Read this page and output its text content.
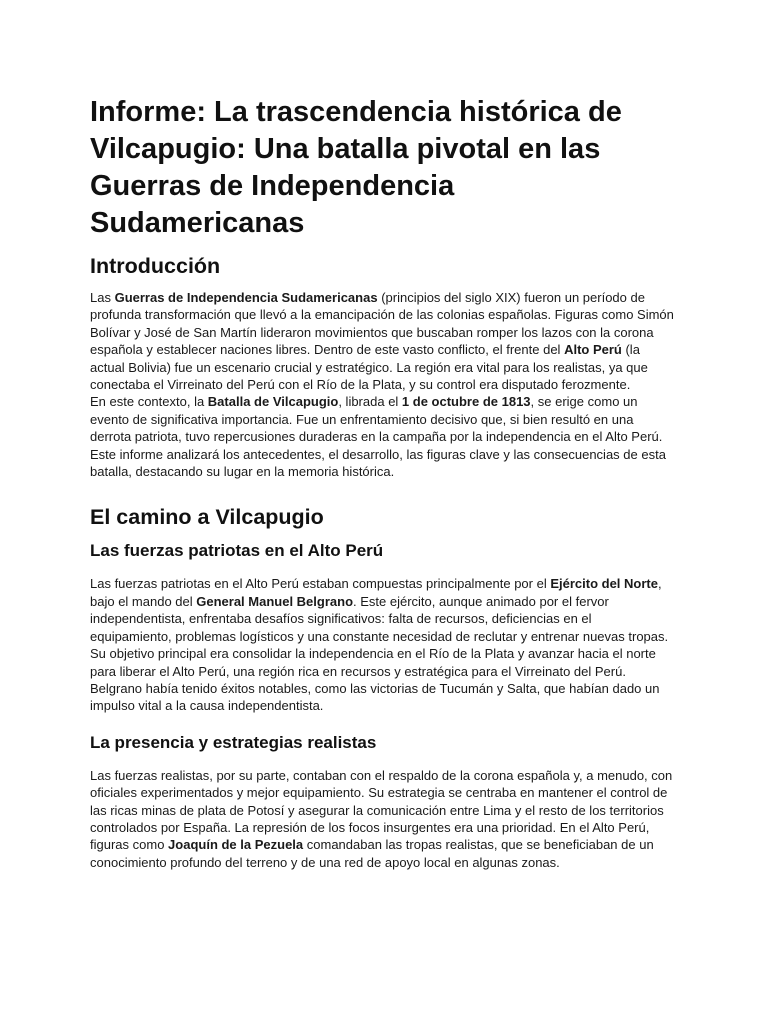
Informe: La trascendencia histórica de Vilcapugio: Una batalla pivotal en las Guerras de Independencia Sudamericanas
Introducción

Las Guerras de Independencia Sudamericanas (principios del siglo XIX) fueron un período de profunda transformación que llevó a la emancipación de las colonias españolas. Figuras como Simón Bolívar y José de San Martín lideraron movimientos que buscaban romper los lazos con la corona española y establecer naciones libres. Dentro de este vasto conflicto, el frente del Alto Perú (la actual Bolivia) fue un escenario crucial y estratégico. La región era vital para los realistas, ya que conectaba el Virreinato del Perú con el Río de la Plata, y su control era disputado ferozmente.

En este contexto, la Batalla de Vilcapugio, librada el 1 de octubre de 1813, se erige como un evento de significativa importancia. Fue un enfrentamiento decisivo que, si bien resultó en una derrota patriota, tuvo repercusiones duraderas en la campaña por la independencia en el Alto Perú. Este informe analizará los antecedentes, el desarrollo, las figuras clave y las consecuencias de esta batalla, destacando su lugar en la memoria histórica.

El camino a Vilcapugio
Las fuerzas patriotas en el Alto Perú

Las fuerzas patriotas en el Alto Perú estaban compuestas principalmente por el Ejército del Norte, bajo el mando del General Manuel Belgrano. Este ejército, aunque animado por el fervor independentista, enfrentaba desafíos significativos: falta de recursos, deficiencias en el equipamiento, problemas logísticos y una constante necesidad de reclutar y entrenar nuevas tropas. Su objetivo principal era consolidar la independencia en el Río de la Plata y avanzar hacia el norte para liberar el Alto Perú, una región rica en recursos y estratégica para el Virreinato del Perú. Belgrano había tenido éxitos notables, como las victorias de Tucumán y Salta, que habían dado un impulso vital a la causa independentista.

La presencia y estrategias realistas

Las fuerzas realistas, por su parte, contaban con el respaldo de la corona española y, a menudo, con oficiales experimentados y mejor equipamiento. Su estrategia se centraba en mantener el control de las ricas minas de plata de Potosí y asegurar la comunicación entre Lima y el resto de los territorios controlados por España. La represión de los focos insurgentes era una prioridad. En el Alto Perú, figuras como Joaquín de la Pezuela comandaban las tropas realistas, que se beneficiaban de un conocimiento profundo del terreno y de una red de apoyo local en algunas zonas.
